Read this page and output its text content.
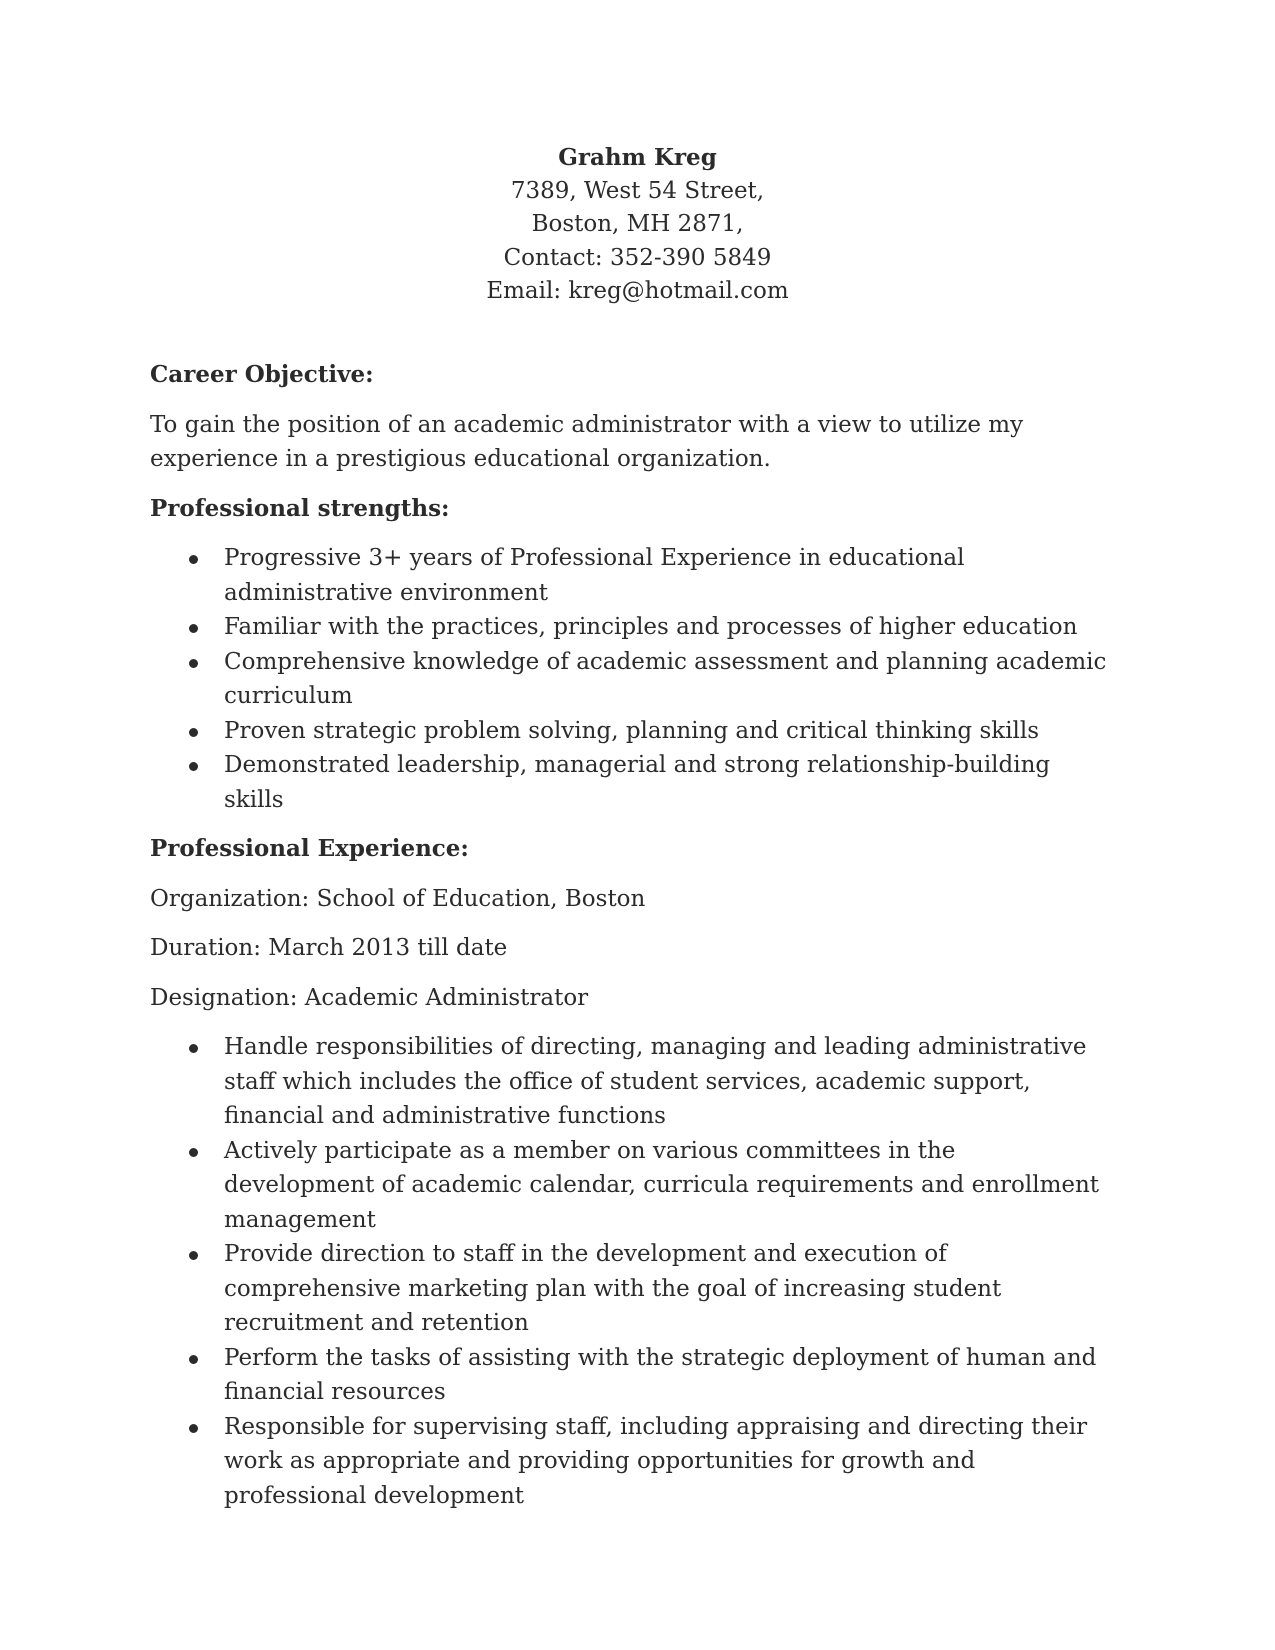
Grahm Kreg
7389, West 54 Street,
Boston, MH 2871,
Contact: 352-390 5849
Email: kreg@hotmail.com
Career Objective:
To gain the position of an academic administrator with a view to utilize my experience in a prestigious educational organization.
Professional strengths:
Progressive 3+ years of Professional Experience in educational administrative environment
Familiar with the practices, principles and processes of higher education
Comprehensive knowledge of academic assessment and planning academic curriculum
Proven strategic problem solving, planning and critical thinking skills
Demonstrated leadership, managerial and strong relationship-building skills
Professional Experience:
Organization: School of Education, Boston
Duration: March 2013 till date
Designation: Academic Administrator
Handle responsibilities of directing, managing and leading administrative staff which includes the office of student services, academic support, financial and administrative functions
Actively participate as a member on various committees in the development of academic calendar, curricula requirements and enrollment management
Provide direction to staff in the development and execution of comprehensive marketing plan with the goal of increasing student recruitment and retention
Perform the tasks of assisting with the strategic deployment of human and financial resources
Responsible for supervising staff, including appraising and directing their work as appropriate and providing opportunities for growth and professional development
